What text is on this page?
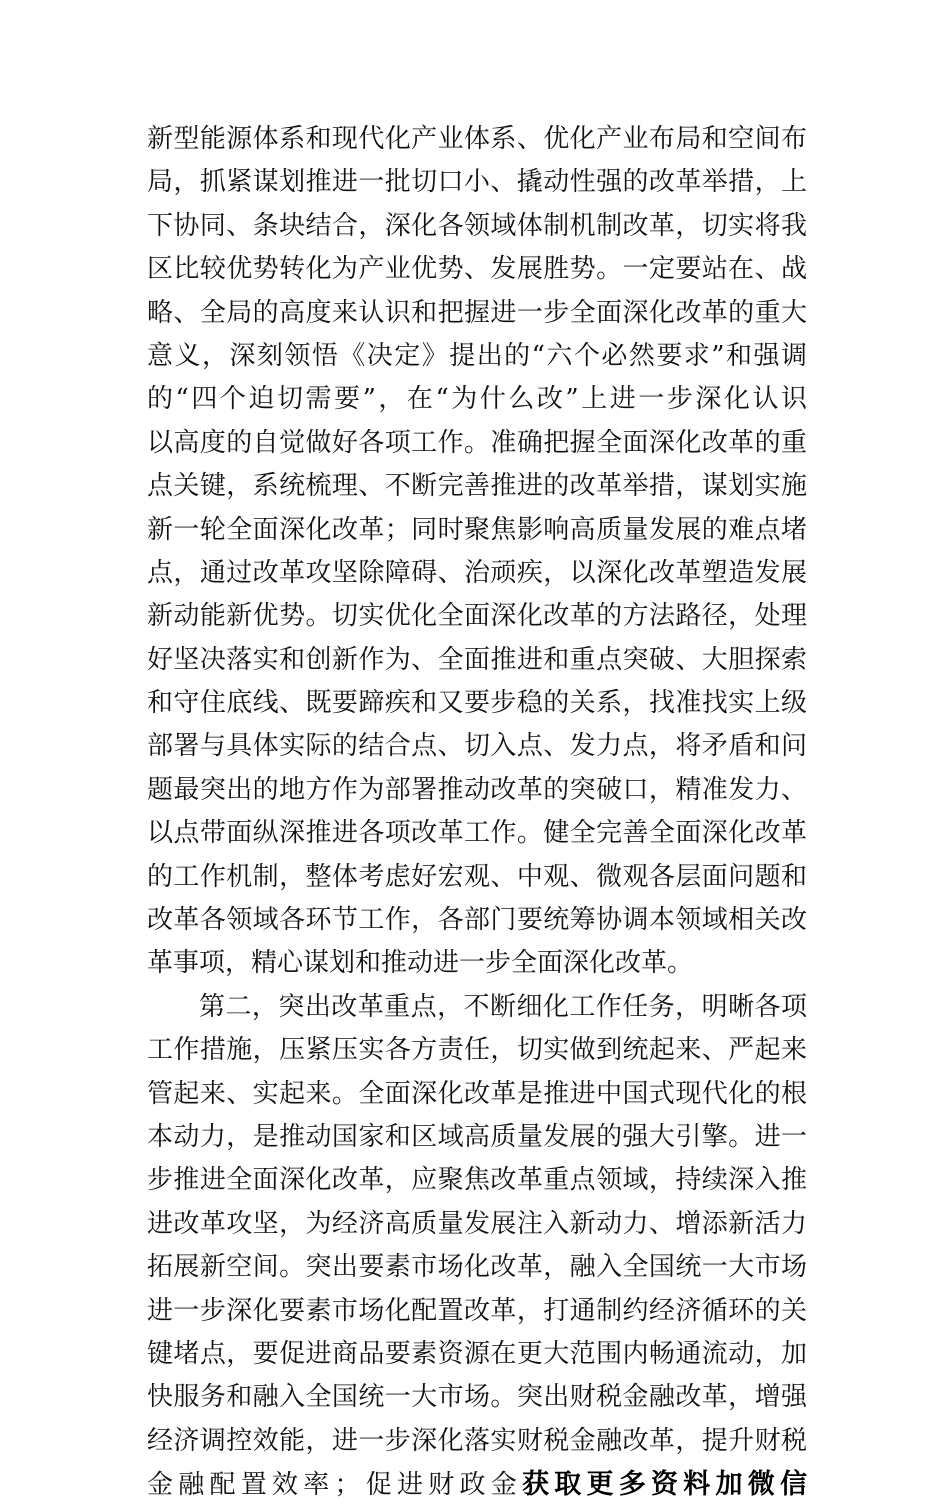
新型能源体系和现代化产业体系、优化产业布局和空间布
局，抓紧谋划推进一批切口小、撬动性强的改革举措，上
下协同、条块结合，深化各领域体制机制改革，切实将我
区比较优势转化为产业优势、发展胜势。一定要站在、战
略、全局的高度来认识和把握进一步全面深化改革的重大
意义，深刻领悟《决定》提出的“六个必然要求”和强调
的“四个迫切需要”，在“为什么改”上进一步深化认识
以高度的自觉做好各项工作。准确把握全面深化改革的重
点关键，系统梳理、不断完善推进的改革举措，谋划实施
新一轮全面深化改革；同时聚焦影响高质量发展的难点堵
点，通过改革攻坚除障碍、治顽疾，以深化改革塑造发展
新动能新优势。切实优化全面深化改革的方法路径，处理
好坚决落实和创新作为、全面推进和重点突破、大胆探索
和守住底线、既要蹄疾和又要步稳的关系，找准找实上级
部署与具体实际的结合点、切入点、发力点，将矛盾和问
题最突出的地方作为部署推动改革的突破口，精准发力、
以点带面纵深推进各项改革工作。健全完善全面深化改革
的工作机制，整体考虑好宏观、中观、微观各层面问题和
改革各领域各环节工作，各部门要统筹协调本领域相关改
革事项，精心谋划和推动进一步全面深化改革。
第二，突出改革重点，不断细化工作任务，明晰各项
工作措施，压紧压实各方责任，切实做到统起来、严起来
管起来、实起来。全面深化改革是推进中国式现代化的根
本动力，是推动国家和区域高质量发展的强大引擎。进一
步推进全面深化改革，应聚焦改革重点领域，持续深入推
进改革攻坚，为经济高质量发展注入新动力、增添新活力
拓展新空间。突出要素市场化改革，融入全国统一大市场
进一步深化要素市场化配置改革，打通制约经济循环的关
键堵点，要促进商品要素资源在更大范围内畅通流动，加
快服务和融入全国统一大市场。突出财税金融改革，增强
经济调控效能，进一步深化落实财税金融改革，提升财税
金融配置效率；促进财政金获取更多资料加微信
